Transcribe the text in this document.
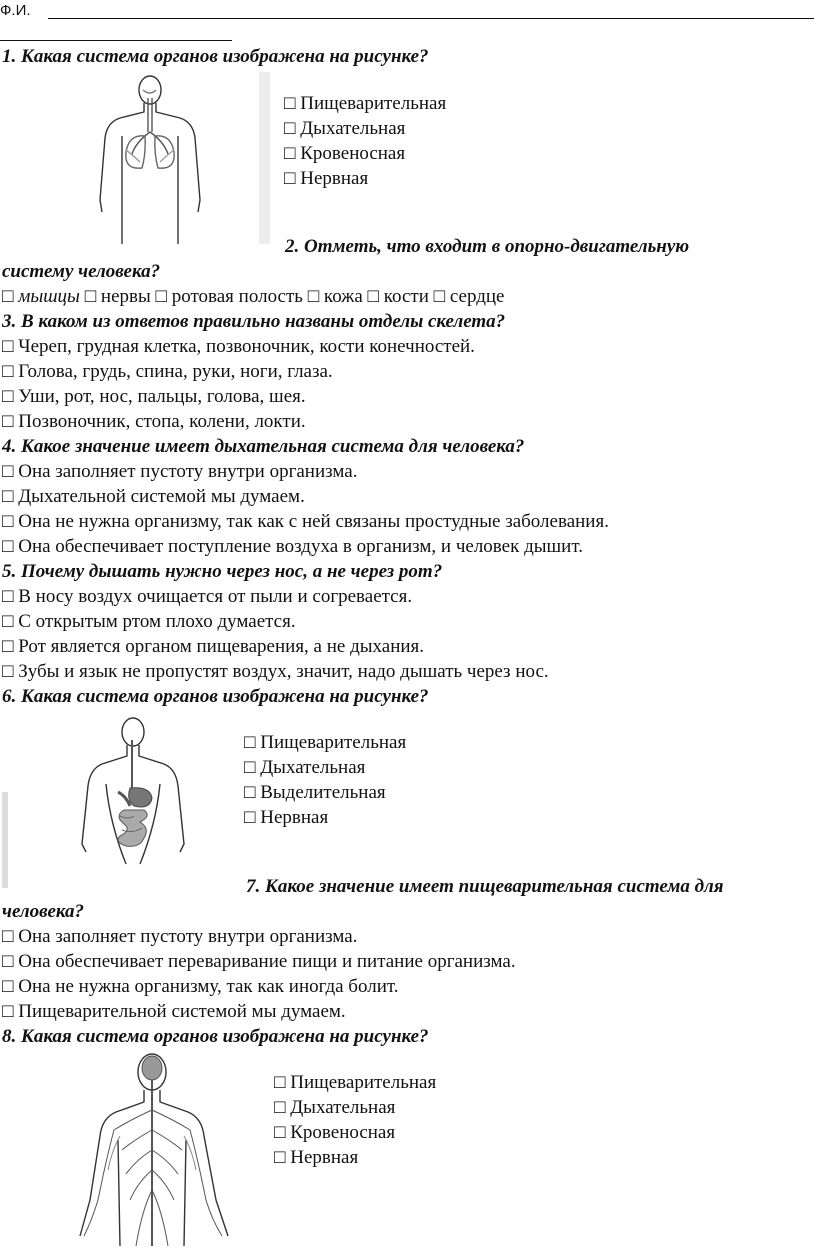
Ф.И.
1. Какая система органов изображена на рисунке?
□ Пищеварительная
□ Дыхательная
□ Кровеносная
□ Нервная
2. Отметь, что входит в опорно-двигательную
систему человека?
□ мышцы □ нервы □ ротовая полость □ кожа □ кости □ сердце
3. В каком из ответов правильно названы отделы скелета?
□ Череп, грудная клетка, позвоночник, кости конечностей.
□ Голова, грудь, спина, руки, ноги, глаза.
□ Уши, рот, нос, пальцы, голова, шея.
□ Позвоночник, стопа, колени, локти.
4. Какое значение имеет дыхательная система для человека?
□ Она заполняет пустоту внутри организма.
□ Дыхательной системой мы думаем.
□ Она не нужна организму, так как с ней связаны простудные заболевания.
□ Она обеспечивает поступление воздуха в организм, и человек дышит.
5. Почему дышать нужно через нос, а не через рот?
□ В носу воздух очищается от пыли и согревается.
□ С открытым ртом плохо думается.
□ Рот является органом пищеварения, а не дыхания.
□ Зубы и язык не пропустят воздух, значит, надо дышать через нос.
6. Какая система органов изображена на рисунке?
□ Пищеварительная
□ Дыхательная
□ Выделительная
□ Нервная
7. Какое значение имеет пищеварительная система для
человека?
□ Она заполняет пустоту внутри организма.
□ Она обеспечивает переваривание пищи и питание организма.
□ Она не нужна организму, так как иногда болит.
□ Пищеварительной системой мы думаем.
8. Какая система органов изображена на рисунке?
□ Пищеварительная
□ Дыхательная
□ Кровеносная
□ Нервная
